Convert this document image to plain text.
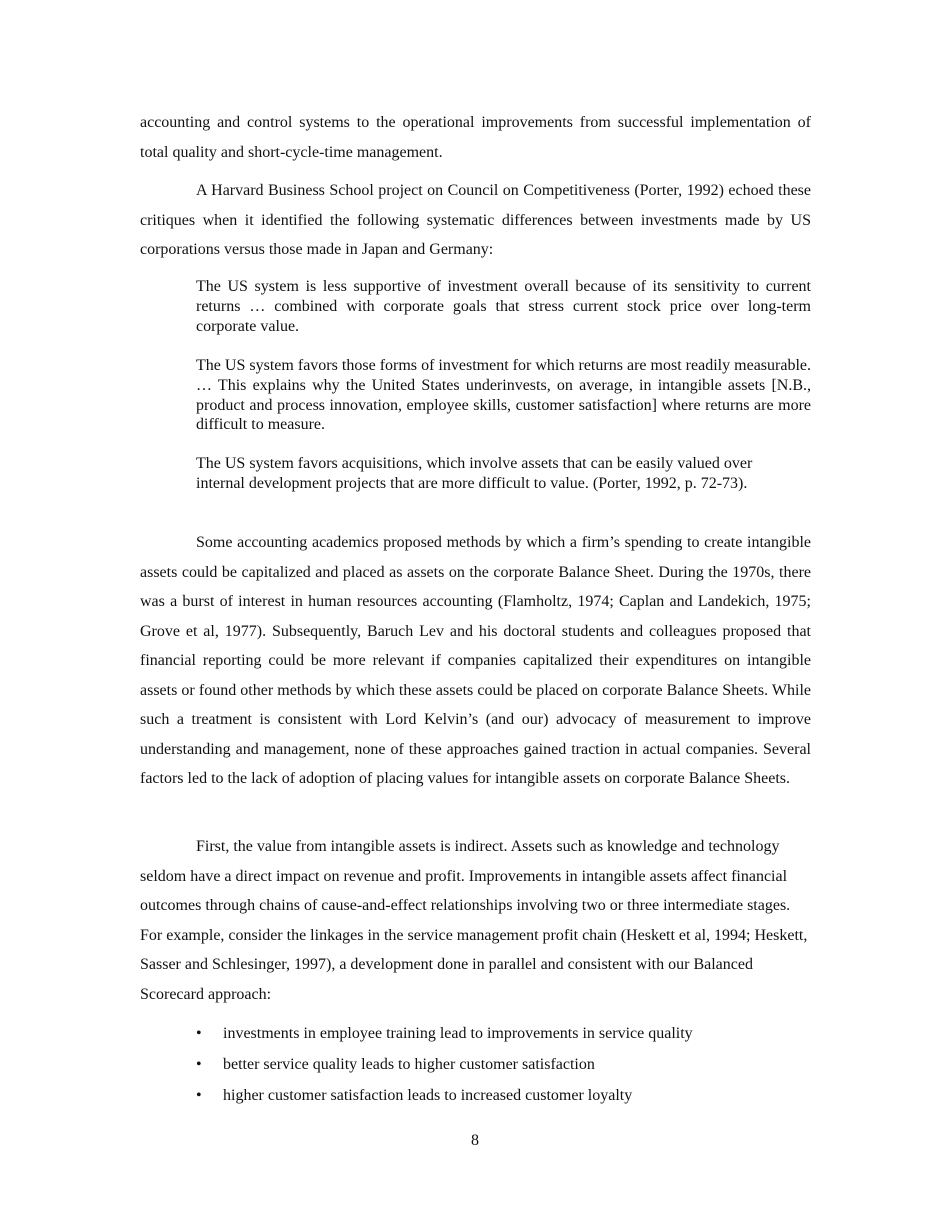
accounting and control systems to the operational improvements from successful implementation of total quality and short-cycle-time management.

A Harvard Business School project on Council on Competitiveness (Porter, 1992) echoed these critiques when it identified the following systematic differences between investments made by US corporations versus those made in Japan and Germany:

The US system is less supportive of investment overall because of its sensitivity to current returns … combined with corporate goals that stress current stock price over long-term corporate value.

The US system favors those forms of investment for which returns are most readily measurable. … This explains why the United States underinvests, on average, in intangible assets [N.B., product and process innovation, employee skills, customer satisfaction] where returns are more difficult to measure.

The US system favors acquisitions, which involve assets that can be easily valued over
internal development projects that are more difficult to value. (Porter, 1992, p. 72-73).

Some accounting academics proposed methods by which a firm’s spending to create intangible assets could be capitalized and placed as assets on the corporate Balance Sheet. During the 1970s, there was a burst of interest in human resources accounting (Flamholtz, 1974; Caplan and Landekich, 1975; Grove et al, 1977). Subsequently, Baruch Lev and his doctoral students and colleagues proposed that financial reporting could be more relevant if companies capitalized their expenditures on intangible assets or found other methods by which these assets could be placed on corporate Balance Sheets. While such a treatment is consistent with Lord Kelvin’s (and our) advocacy of measurement to improve understanding and management, none of these approaches gained traction in actual companies. Several factors led to the lack of adoption of placing values for intangible assets on corporate Balance Sheets.

First, the value from intangible assets is indirect. Assets such as knowledge and technology seldom have a direct impact on revenue and profit. Improvements in intangible assets affect financial outcomes through chains of cause-and-effect relationships involving two or three intermediate stages. For example, consider the linkages in the service management profit chain (Heskett et al, 1994; Heskett, Sasser and Schlesinger, 1997), a development done in parallel and consistent with our Balanced Scorecard approach:

• investments in employee training lead to improvements in service quality
• better service quality leads to higher customer satisfaction
• higher customer satisfaction leads to increased customer loyalty
8
